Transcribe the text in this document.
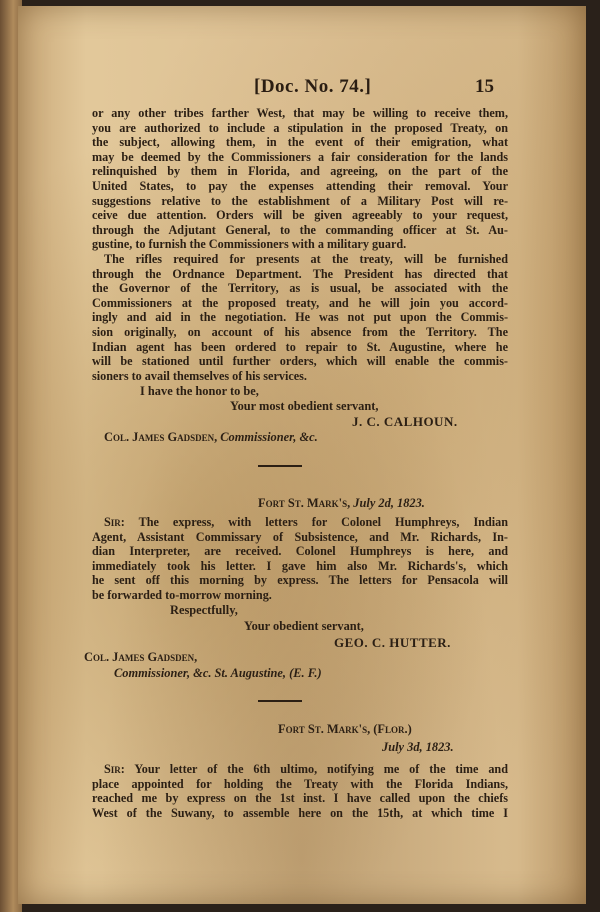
[Doc. No. 74.]	15
or any other tribes farther West, that may be willing to receive them,
you are authorized to include a stipulation in the proposed Treaty, on
the subject, allowing them, in the event of their emigration, what
may be deemed by the Commissioners a fair consideration for the lands
relinquished by them in Florida, and agreeing, on the part of the
United States, to pay the expenses attending their removal. Your
suggestions relative to the establishment of a Military Post will re-
ceive due attention. Orders will be given agreeably to your request,
through the Adjutant General, to the commanding officer at St. Au-
gustine, to furnish the Commissioners with a military guard.
The rifles required for presents at the treaty, will be furnished
through the Ordnance Department. The President has directed that
the Governor of the Territory, as is usual, be associated with the
Commissioners at the proposed treaty, and he will join you accord-
ingly and aid in the negotiation. He was not put upon the Commis-
sion originally, on account of his absence from the Territory. The
Indian agent has been ordered to repair to St. Augustine, where he
will be stationed until further orders, which will enable the commis-
sioners to avail themselves of his services.
I have the honor to be,
Your most obedient servant,
J. C. CALHOUN.
Col. James Gadsden, Commissioner, &c.
Fort St. Mark's, July 2d, 1823.
Sir: The express, with letters for Colonel Humphreys, Indian
Agent, Assistant Commissary of Subsistence, and Mr. Richards, In-
dian Interpreter, are received. Colonel Humphreys is here, and
immediately took his letter. I gave him also Mr. Richards's, which
he sent off this morning by express. The letters for Pensacola will
be forwarded to-morrow morning.
Respectfully,
Your obedient servant,
GEO. C. HUTTER.
Col. James Gadsden,
Commissioner, &c. St. Augustine, (E. F.)
Fort St. Mark's, (Flor.)
July 3d, 1823.
Sir: Your letter of the 6th ultimo, notifying me of the time and
place appointed for holding the Treaty with the Florida Indians,
reached me by express on the 1st inst. I have called upon the chiefs
West of the Suwany, to assemble here on the 15th, at which time I
